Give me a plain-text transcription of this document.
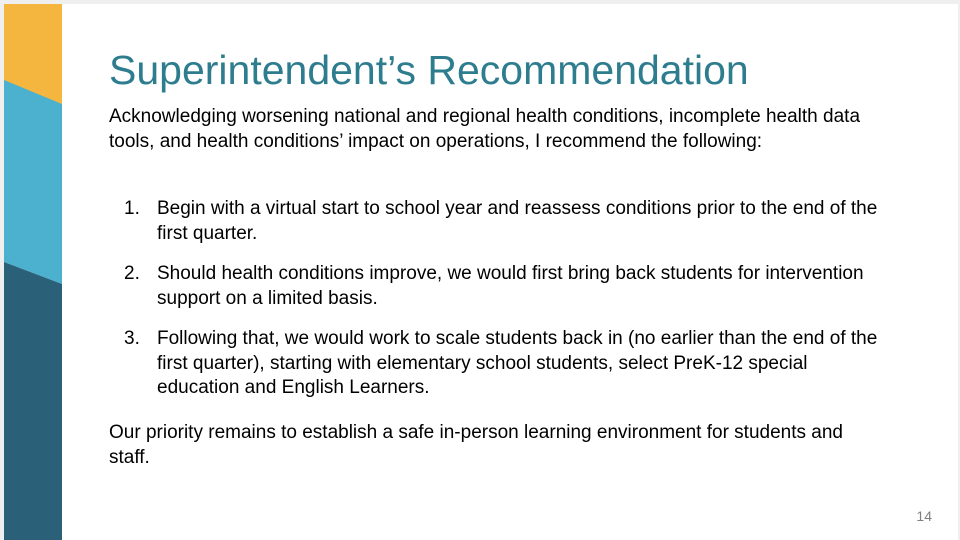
Superintendent’s Recommendation

Acknowledging worsening national and regional health conditions, incomplete health data tools, and health conditions’ impact on operations, I recommend the following:

1. Begin with a virtual start to school year and reassess conditions prior to the end of the first quarter.
2. Should health conditions improve, we would first bring back students for intervention support on a limited basis.
3. Following that, we would work to scale students back in (no earlier than the end of the first quarter), starting with elementary school students, select PreK-12 special education and English Learners.

Our priority remains to establish a safe in-person learning environment for students and staff.

14
